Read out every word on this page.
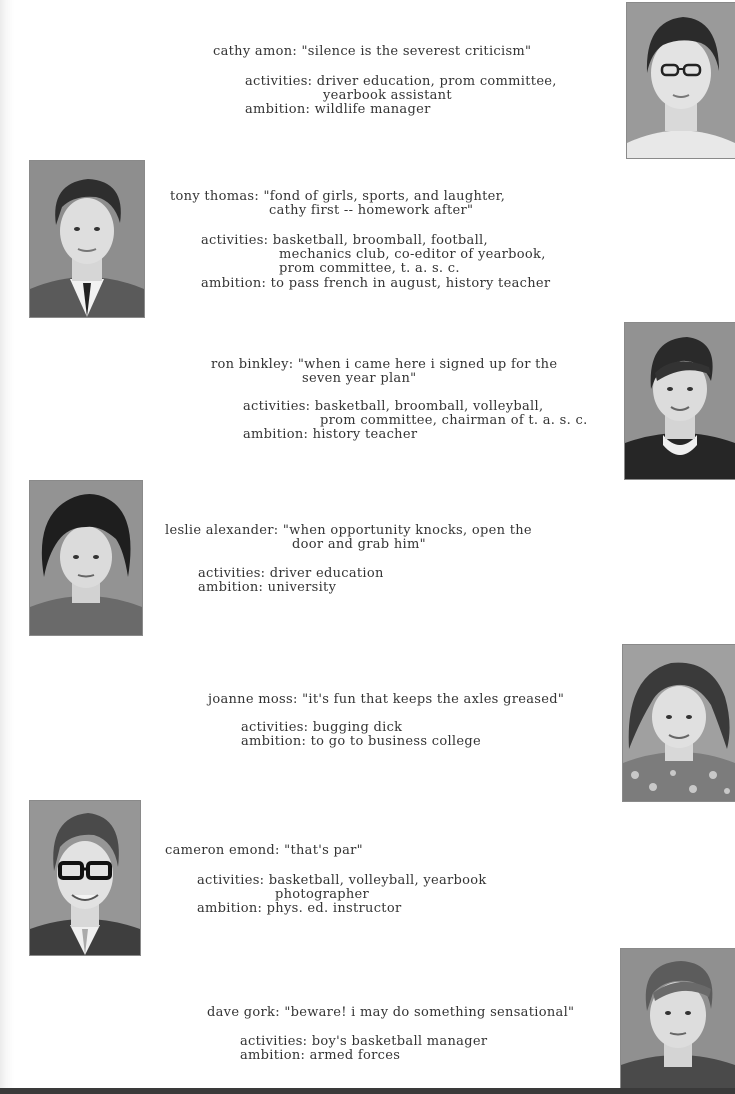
cathy amon: "silence is the severest criticism"
activities: driver education, prom committee,
yearbook assistant
ambition: wildlife manager
tony thomas: "fond of girls, sports, and laughter,
cathy first -- homework after"
activities: basketball, broomball, football,
mechanics club, co-editor of yearbook,
prom committee, t. a. s. c.
ambition: to pass french in august, history teacher
ron binkley: "when i came here i signed up for the
seven year plan"
activities: basketball, broomball, volleyball,
prom committee, chairman of t. a. s. c.
ambition: history teacher
leslie alexander: "when opportunity knocks, open the
door and grab him"
activities: driver education
ambition: university
joanne moss: "it's fun that keeps the axles greased"
activities: bugging dick
ambition: to go to business college
cameron emond: "that's par"
activities: basketball, volleyball, yearbook
photographer
ambition: phys. ed. instructor
dave gork: "beware! i may do something sensational"
activities: boy's basketball manager
ambition: armed forces
